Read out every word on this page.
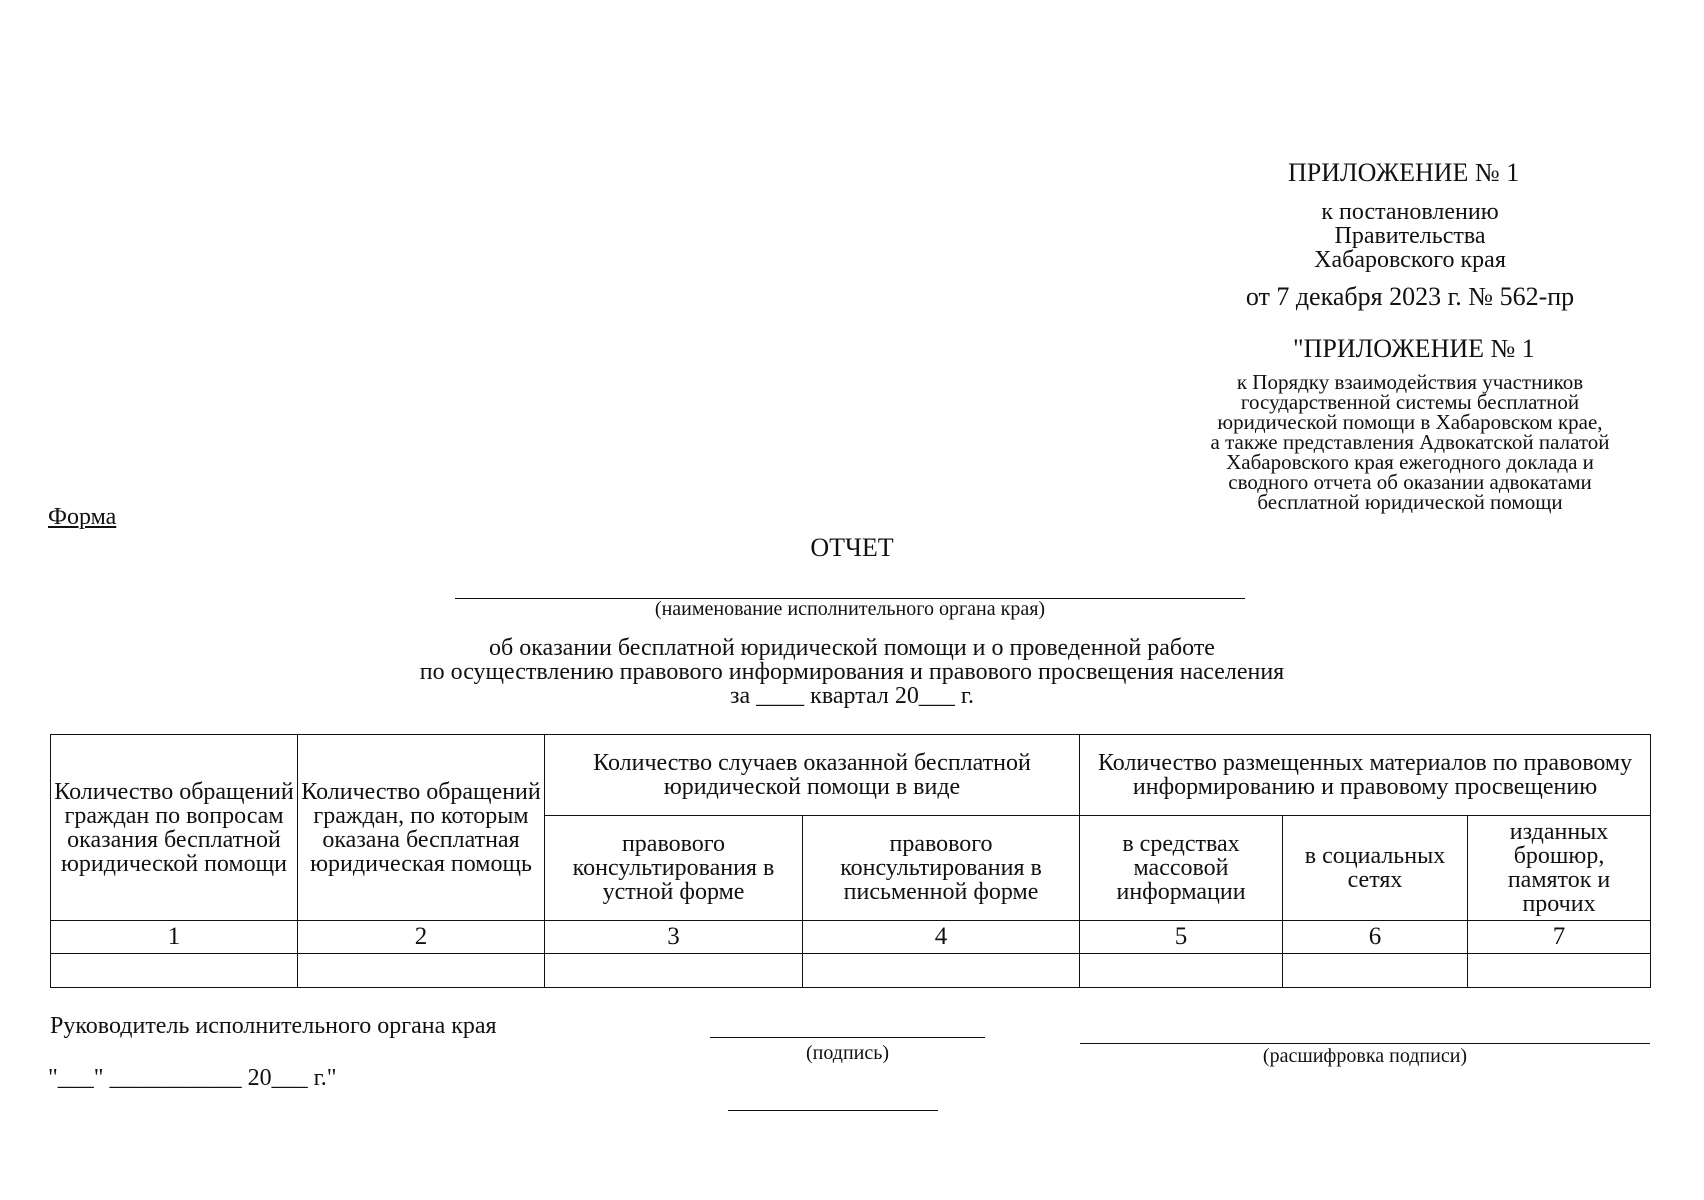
ПРИЛОЖЕНИЕ № 1
к постановлению
Правительства
Хабаровского края
от 7 декабря 2023 г. № 562-пр
"ПРИЛОЖЕНИЕ № 1
к Порядку взаимодействия участников
государственной системы бесплатной
юридической помощи в Хабаровском крае,
а также представления Адвокатской палатой
Хабаровского края ежегодного доклада и
сводного отчета об оказании адвокатами
бесплатной юридической помощи
Форма
ОТЧЕТ
(наименование исполнительного органа края)
об оказании бесплатной юридической помощи и о проведенной работе
по осуществлению правового информирования и правового просвещения населения
за ____ квартал 20___ г.
Количество обращений граждан по вопросам оказания бесплатной юридической помощи	Количество обращений граждан, по которым оказана бесплатная юридическая помощь	Количество случаев оказанной бесплатной юридической помощи в виде		Количество размещенных материалов по правовому информированию и правовому просвещению		
		правового консультирования в устной форме	правового консультирования в письменной форме	в средствах массовой информации	в социальных сетях	изданных брошюр, памяток и прочих
1	2	3	4	5	6	7

Руководитель исполнительного органа края
(подпись)	(расшифровка подписи)
"___" ___________ 20___ г."
